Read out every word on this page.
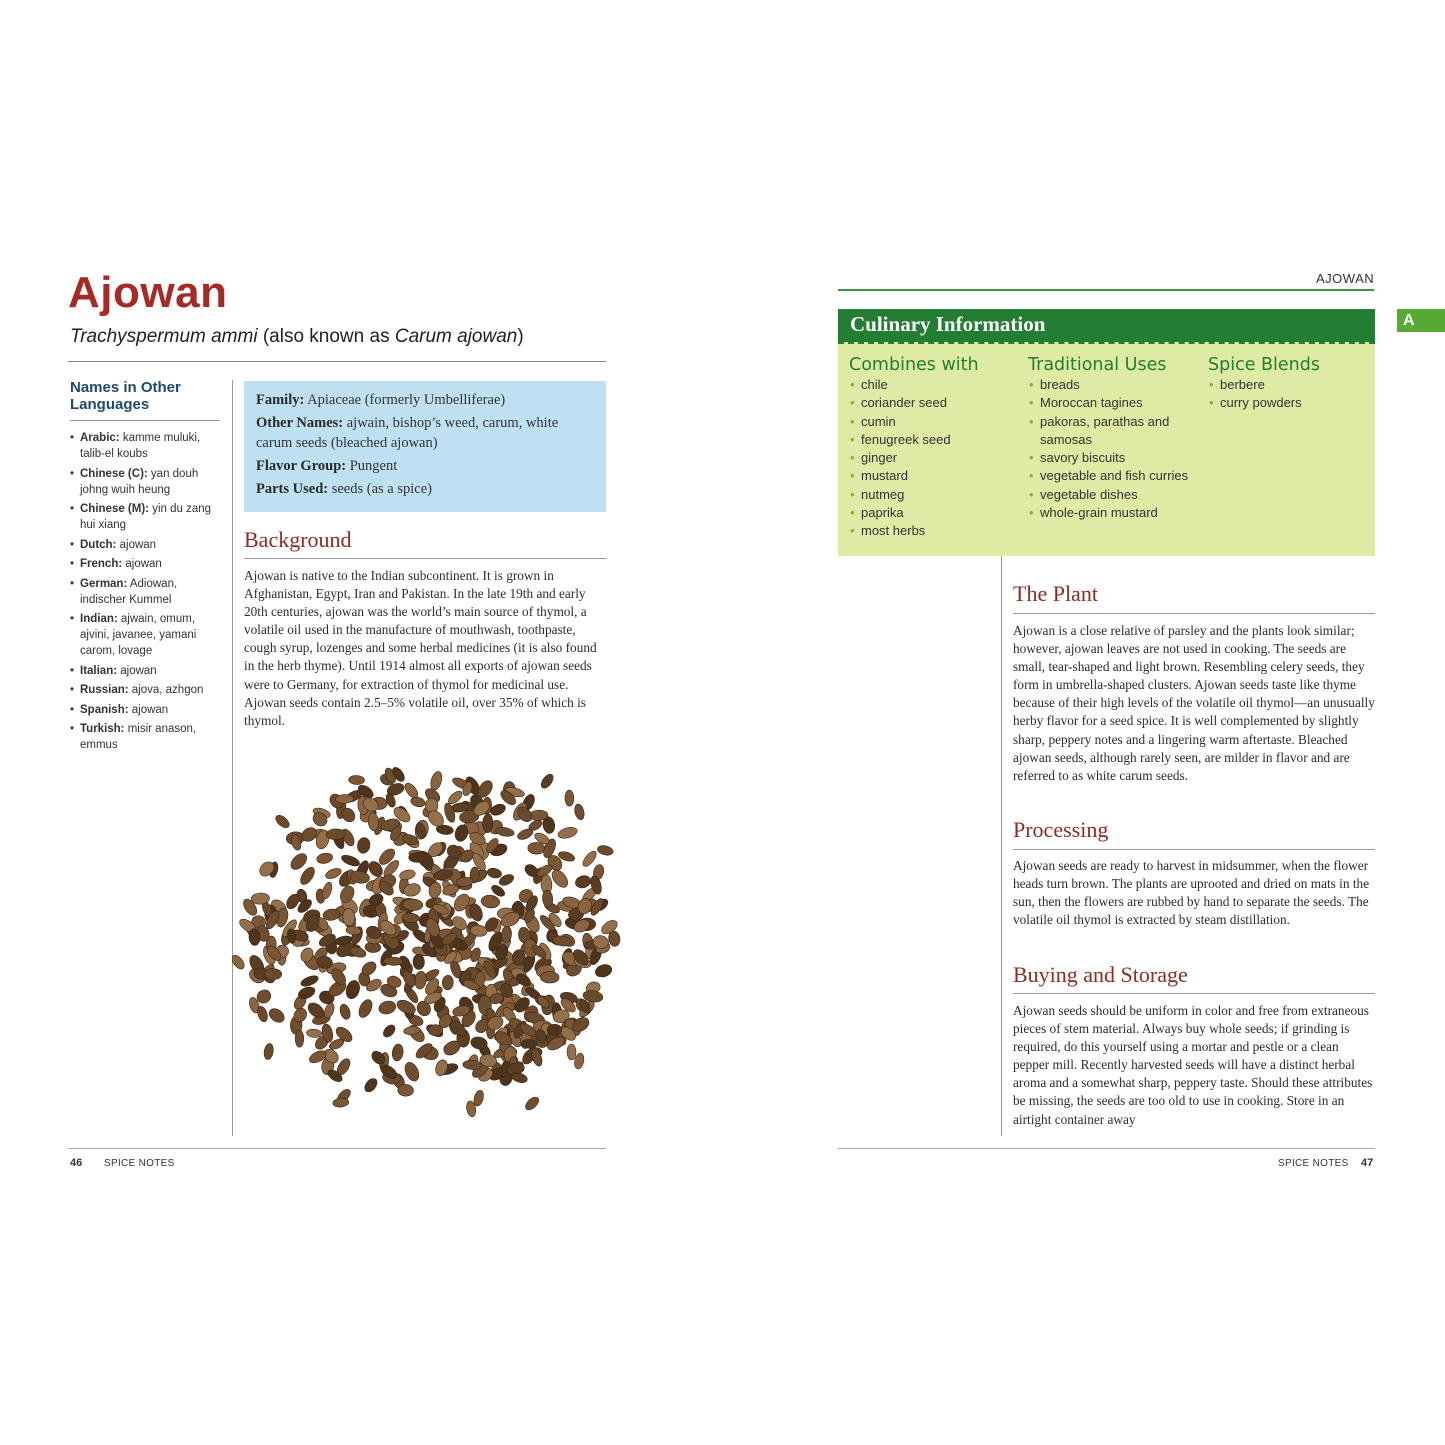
Ajowan
Trachyspermum ammi (also known as Carum ajowan)
Names in Other Languages
• Arabic: kamme muluki, talib-el koubs
• Chinese (C): yan douh johng wuih heung
• Chinese (M): yin du zang hui xiang
• Dutch: ajowan
• French: ajowan
• German: Adiowan, indischer Kummel
• Indian: ajwain, omum, ajvini, javanee, yamani carom, lovage
• Italian: ajowan
• Russian: ajova, azhgon
• Spanish: ajowan
• Turkish: misir anason, emmus
Family: Apiaceae (formerly Umbelliferae)
Other Names: ajwain, bishop’s weed, carum, white carum seeds (bleached ajowan)
Flavor Group: Pungent
Parts Used: seeds (as a spice)
Background
Ajowan is native to the Indian subcontinent. It is grown in Afghanistan, Egypt, Iran and Pakistan. In the late 19th and early 20th centuries, ajowan was the world’s main source of thymol, a volatile oil used in the manufacture of mouthwash, toothpaste, cough syrup, lozenges and some herbal medicines (it is also found in the herb thyme). Until 1914 almost all exports of ajowan seeds were to Germany, for extraction of thymol for medicinal use. Ajowan seeds contain 2.5–5% volatile oil, over 35% of which is thymol.
46 SPICE NOTES
AJOWAN
A
Culinary Information
Combines with
• chile
• coriander seed
• cumin
• fenugreek seed
• ginger
• mustard
• nutmeg
• paprika
• most herbs
Traditional Uses
• breads
• Moroccan tagines
• pakoras, parathas and samosas
• savory biscuits
• vegetable and fish curries
• vegetable dishes
• whole-grain mustard
Spice Blends
• berbere
• curry powders
The Plant
Ajowan is a close relative of parsley and the plants look similar; however, ajowan leaves are not used in cooking. The seeds are small, tear-shaped and light brown. Resembling celery seeds, they form in umbrella-shaped clusters. Ajowan seeds taste like thyme because of their high levels of the volatile oil thymol—an unusually herby flavor for a seed spice. It is well complemented by slightly sharp, peppery notes and a lingering warm aftertaste. Bleached ajowan seeds, although rarely seen, are milder in flavor and are referred to as white carum seeds.
Processing
Ajowan seeds are ready to harvest in midsummer, when the flower heads turn brown. The plants are uprooted and dried on mats in the sun, then the flowers are rubbed by hand to separate the seeds. The volatile oil thymol is extracted by steam distillation.
Buying and Storage
Ajowan seeds should be uniform in color and free from extraneous pieces of stem material. Always buy whole seeds; if grinding is required, do this yourself using a mortar and pestle or a clean pepper mill. Recently harvested seeds will have a distinct herbal aroma and a somewhat sharp, peppery taste. Should these attributes be missing, the seeds are too old to use in cooking. Store in an airtight container away
SPICE NOTES 47
